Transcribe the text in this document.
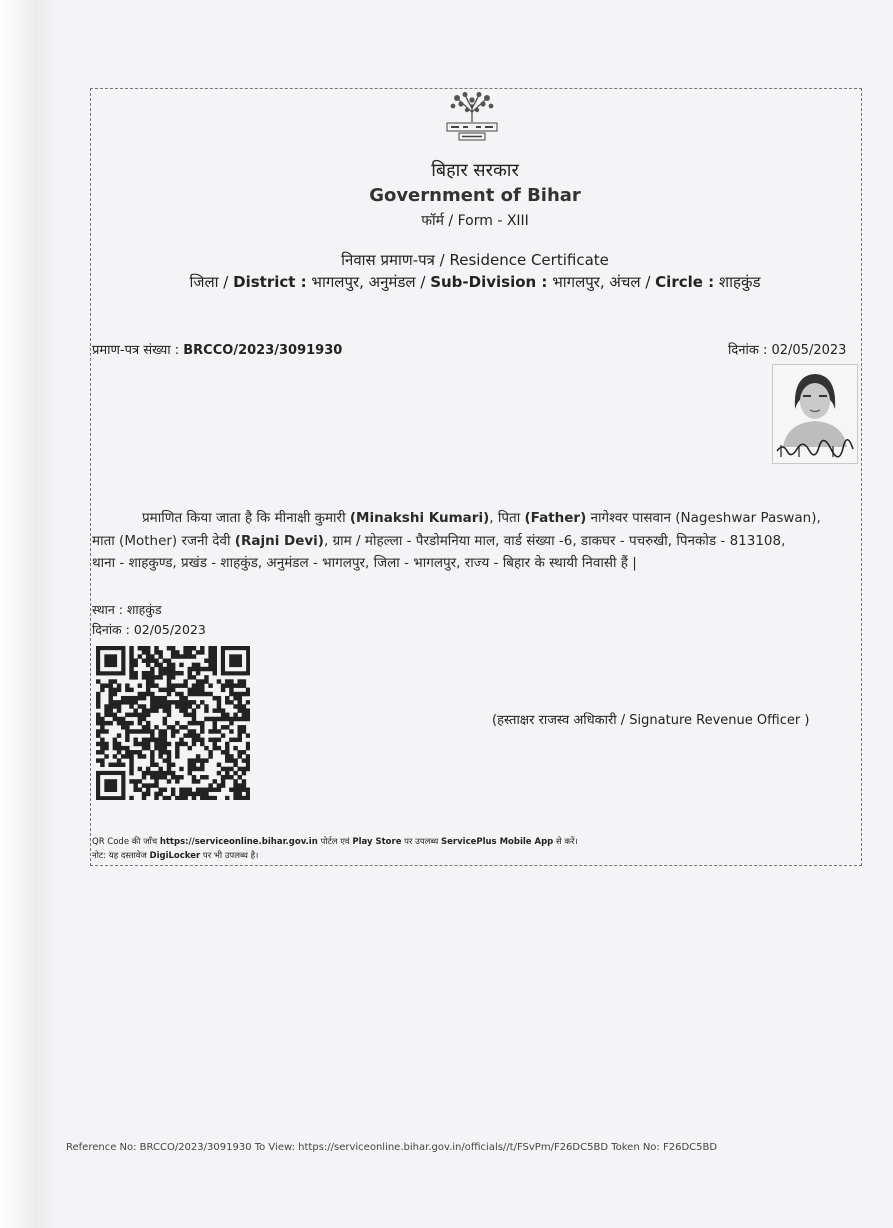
बिहार सरकार
Government of Bihar
फॉर्म / Form - XIII
निवास प्रमाण-पत्र / Residence Certificate
जिला / District : भागलपुर, अनुमंडल / Sub-Division : भागलपुर, अंचल / Circle : शाहकुंड
प्रमाण-पत्र संख्या : BRCCO/2023/3091930	दिनांक : 02/05/2023

प्रमाणित किया जाता है कि मीनाक्षी कुमारी (Minakshi Kumari), पिता (Father) नागेश्वर पासवान (Nageshwar Paswan),

माता (Mother) रजनी देवी (Rajni Devi), ग्राम / मोहल्ला - पैरडोमनिया माल, वार्ड संख्या -6, डाकघर - पचरुखी, पिनकोड - 813108,

थाना - शाहकुण्ड, प्रखंड - शाहकुंड, अनुमंडल - भागलपुर, जिला - भागलपुर, राज्य - बिहार के स्थायी निवासी हैं |

स्थान : शाहकुंड
दिनांक : 02/05/2023
(हस्ताक्षर राजस्व अधिकारी / Signature Revenue Officer )
QR Code की जाँच https://serviceonline.bihar.gov.in पोर्टल एवं Play Store पर उपलब्ध ServicePlus Mobile App से करें।
नोट: यह दस्तावेज DigiLocker पर भी उपलब्ध है।
Reference No: BRCCO/2023/3091930 To View: https://serviceonline.bihar.gov.in/officials//t/FSvPm/F26DC5BD Token No: F26DC5BD
